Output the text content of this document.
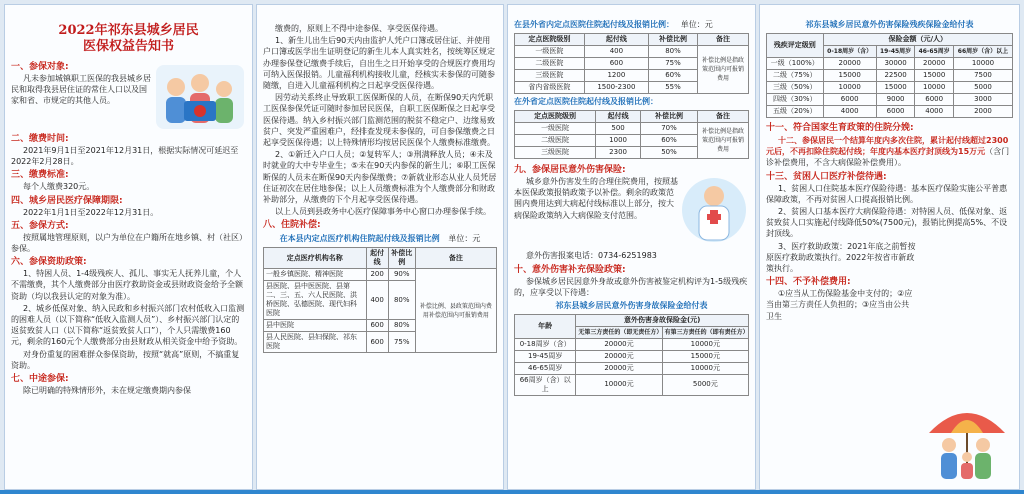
2022年祁东县城乡居民
医保权益告知书
一、参保对象:
凡未参加城镇职工医保的我县城乡居民和取得我县居住证的常住人口以及国家和省、市规定的其他人员。
二、缴费时间:
2021年9月1日至2021年12月31日，根据实际情况可延迟至2022年2月28日。
三、缴费标准:
每个人缴费320元。
四、城乡居民医疗保障期限:
2022年1月1日至2022年12月31日。
五、参保方式:
按照属地管理原则，以户为单位在户籍所在地乡镇、村（社区）参保。
六、参保资助政策:
1、特困人员、1-4级残疾人、孤儿、事实无人抚养儿童，个人不需缴费，其个人缴费部分由医疗救助资金或县财政资金给予全额资助（均以我县认定的对象为准）。
2、城乡低保对象、纳入民政和乡村振兴部门农村低收入口监测的困难人员（以下简称“低收入监测人员”）、乡村振兴部门认定的返贫致贫人口（以下简称“返贫致贫人口”），个人只需缴费160元，剩余的160元个人缴费部分由县财政从相关资金中给予资助。
对身份重复的困难群众参保资助，按照“就高”原则，不搞重复资助。
七、中途参保:
除已明确的特殊情形外，未在规定缴费期内参保
缴费的，原则上不得中途参保、享受医保待遇。
1、新生儿出生后90天内由监护人凭户口簿或居住证、并使用户口簿或医学出生证明登记的新生儿本人真实姓名，按统筹区规定办理参保登记缴费手续后，自出生之日开始享受的合规医疗费用均可纳入医保报销。儿童福利机构接收儿童，经核实未参保的可随参随缴，自进入儿童福利机构之日起享受医保待遇。
因劳动关系终止导致职工医保断保的人员，在断保90天内凭职工医保参保凭证可随时参加居民医保，自职工医保断保之日起享受医保待遇。纳入乡村振兴部门监测范围的脱贫不稳定户、边缘易致贫户、突发严重困难户，经排查发现未参保的，可自参保缴费之日起享受医保待遇；以上特殊情形均按居民医保个人缴费标准缴费。
2、①新迁入户口人员；②复转军人；③刑满释放人员；④未及时就业的大中专毕业生；⑤未在90天内参保的新生儿；⑥职工医保断保的人员未在断保90天内参保缴费；⑦新就业形态从业人员凭居住证初次在居住地参保；以上人员缴费标准为个人缴费部分和财政补助部分，从缴费的下个月起享受医保待遇。
以上人员到县政务中心医疗保障事务中心窗口办理参保手续。
八、住院补偿:
在本县内定点医疗机构住院起付线及报销比例 单位：元
定点医疗机构名称	起付线	补偿比例	备注
一般乡镇医院、精神医院	200	90%	补偿比例、县政策范围内费用补偿范围内可报销费用
县医院、县中医医院、县第二、三、五、六人民医院、洪桥医院、弘德医院、现代妇科医院	400	80%	
县中医院	600	80%	
县人民医院、县妇保院、祁东医院	600	75%	
在县外省内定点医院住院起付线及报销比例： 单位：元
定点医院级别	起付线	补偿比例	备注
一级医院	400	80%	补偿比例是指政策范围内可报销费用
二级医院	600	75%	
三级医院	1200	60%	
省内省级医院	1500-2300	55%	
在外省定点医院住院起付线及报销比例：
定点医院级别	起付线	补偿比例	备注
一级医院	500	70%	补偿比例是指政策范围内可报销费用
二级医院	1000	60%	
三级医院	2300	50%	
九、参保居民意外伤害保险:
城乡意外伤害发生的合理住院费用，按照基本医保政策报销政策予以补偿。剩余的政策范围内费用达到大病起付线标准以上部分，按大病保险政策纳入大病保险支付范围。
意外伤害报案电话：0734-6251983
十、意外伤害补充保险政策:
参保城乡居民因意外身故或意外伤害被鉴定机构评为1-5级残疾的，应享受以下待遇：
祁东县城乡居民意外伤害身故保险金给付表
年龄	意外伤害身故保险金(元)	
	无第三方责任的（即无责任方）	有第三方责任的（即有责任方）
0-18周岁（含）	20000元	10000元
19-45周岁	20000元	15000元
46-65周岁	20000元	10000元
66周岁（含）以上	10000元	5000元
祁东县城乡居民意外伤害保险残疾保险金给付表
残疾评定级别	保险金额（元/人）			
	0-18周岁（含）	19-45周岁	46-65周岁	66周岁（含）以上
一级（100%）	20000	30000	20000	10000
二级（75%）	15000	22500	15000	7500
三级（50%）	10000	15000	10000	5000
四级（30%）	6000	9000	6000	3000
五级（20%）	4000	6000	4000	2000
十一、符合国家生育政策的住院分娩:
十二、参保居民一个结算年度内多次住院，累计起付线超过2300元后，不再扣除住院起付线；年度内基本医疗封顶线为15万元（含门诊补偿费用，不含大病保险补偿费用）。
十三、贫困人口医疗补偿待遇:
1、贫困人口住院基本医疗保险待遇：基本医疗保险实施公平普惠保障政策，不再对贫困人口提高报销比例。
2、贫困人口基本医疗大病保险待遇：对特困人员、低保对象、返贫致贫人口实施起付线降低50%(7500元)，报销比例提高5%、不设封顶线。
3、医疗救助政策：2021年底之前暂按原医疗救助政策执行。2022年按省市新政策执行。
十四、不予补偿费用:
①应当从工伤保险基金中支付的；②应当由第三方责任人负担的；③应当由公共卫生
